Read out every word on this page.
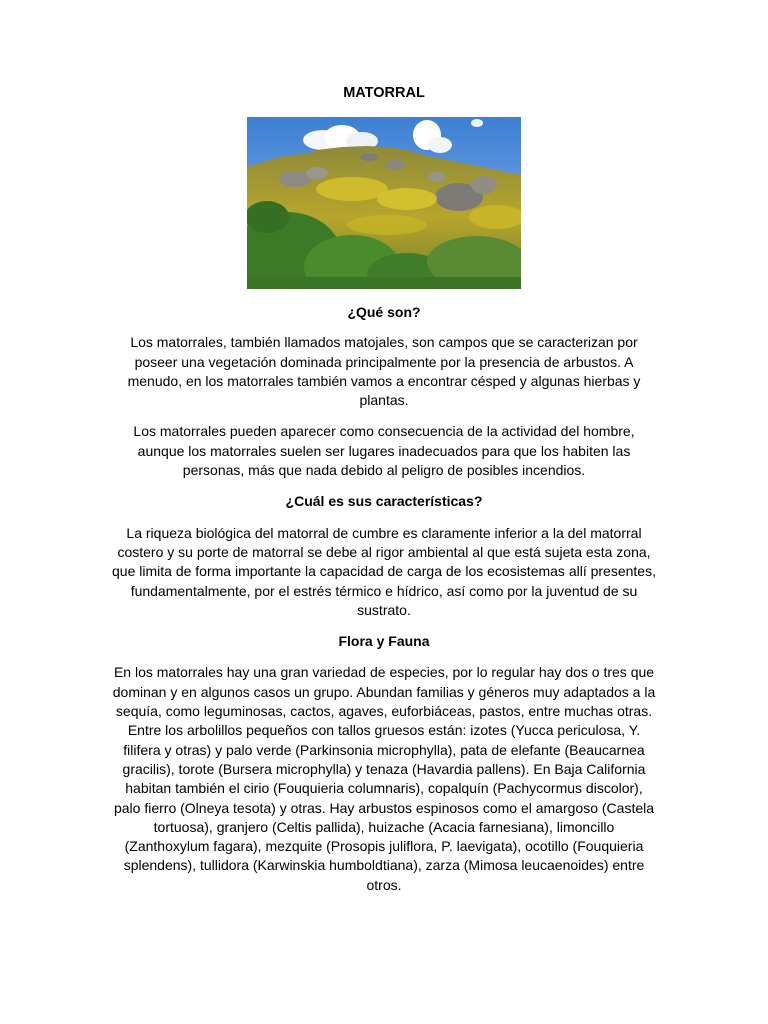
MATORRAL
¿Qué son?

Los matorrales, también llamados matojales, son campos que se caracterizan por poseer una vegetación dominada principalmente por la presencia de arbustos. A menudo, en los matorrales también vamos a encontrar césped y algunas hierbas y plantas.

Los matorrales pueden aparecer como consecuencia de la actividad del hombre, aunque los matorrales suelen ser lugares inadecuados para que los habiten las personas, más que nada debido al peligro de posibles incendios.

¿Cuál es sus características?

La riqueza biológica del matorral de cumbre es claramente inferior a la del matorral costero y su porte de matorral se debe al rigor ambiental al que está sujeta esta zona, que limita de forma importante la capacidad de carga de los ecosistemas allí presentes, fundamentalmente, por el estrés térmico e hídrico, así como por la juventud de su sustrato.

Flora y Fauna

En los matorrales hay una gran variedad de especies, por lo regular hay dos o tres que dominan y en algunos casos un grupo. Abundan familias y géneros muy adaptados a la sequía, como leguminosas, cactos, agaves, euforbiáceas, pastos, entre muchas otras. Entre los arbolillos pequeños con tallos gruesos están: izotes (Yucca periculosa, Y. filifera y otras) y palo verde (Parkinsonia microphylla), pata de elefante (Beaucarnea gracilis), torote (Bursera microphylla) y tenaza (Havardia pallens). En Baja California habitan también el cirio (Fouquieria columnaris), copalquín (Pachycormus discolor), palo fierro (Olneya tesota) y otras. Hay arbustos espinosos como el amargoso (Castela tortuosa), granjero (Celtis pallida), huizache (Acacia farnesiana), limoncillo (Zanthoxylum fagara), mezquite (Prosopis juliflora, P. laevigata), ocotillo (Fouquieria splendens), tullidora (Karwinskia humboldtiana), zarza (Mimosa leucaenoides) entre otros.
